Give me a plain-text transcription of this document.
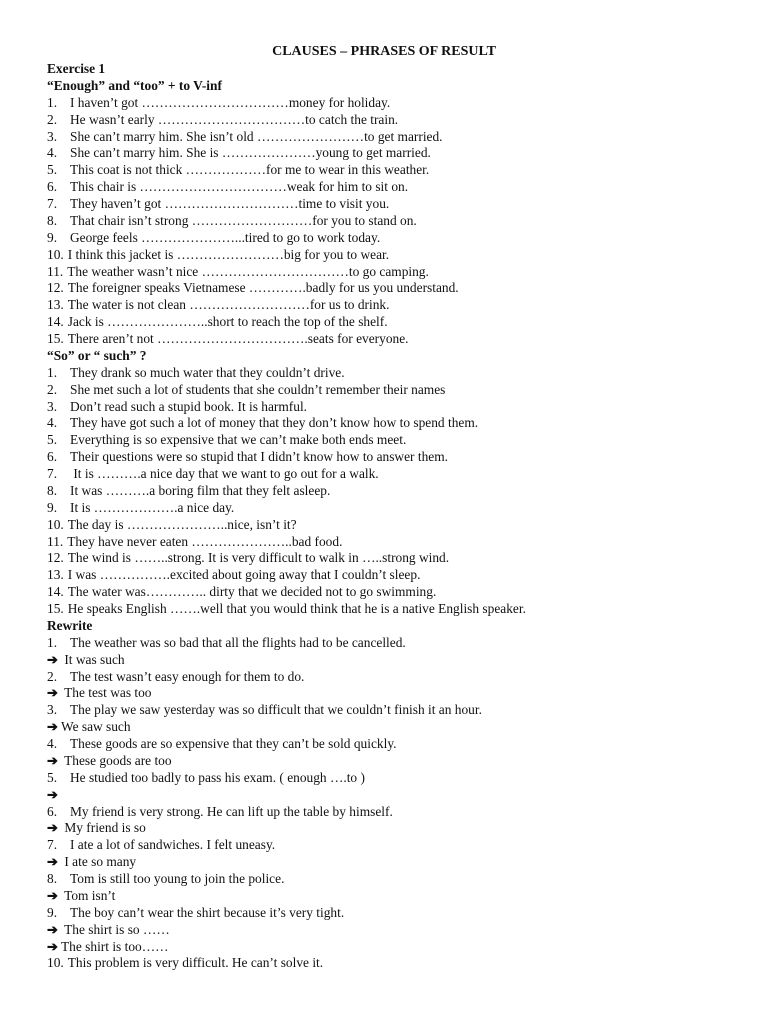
CLAUSES – PHRASES OF RESULT
Exercise 1
“Enough” and “too” + to V-inf
1. I haven’t got ……………………………money for holiday.
2. He wasn’t early ……………………………to catch the train.
3. She can’t marry him. She isn’t old ……………………to get married.
4. She can’t marry him. She is …………………young to get married.
5. This coat is not thick ………………for me to wear in this weather.
6. This chair is ……………………………weak for him to sit on.
7. They haven’t got …………………………time to visit you.
8. That chair isn’t strong ………………………for you to stand on.
9. George feels …………………...tired to go to work today.
10. I think this jacket is ……………………big for you to wear.
11. The weather wasn’t nice ……………………………to go camping.
12. The foreigner speaks Vietnamese ………….badly for us you understand.
13. The water is not clean ………………………for us to drink.
14. Jack is …………………..short to reach the top of the shelf.
15. There aren’t not …………………………….seats for everyone.
“So” or “ such” ?
1. They drank so much water that they couldn’t drive.
2. She met such a lot of students that she couldn’t remember their names
3. Don’t read such a stupid book. It is harmful.
4. They have got such a lot of money that they don’t know how to spend them.
5. Everything is so expensive that we can’t make both ends meet.
6. Their questions were so stupid that I didn’t know how to answer them.
7. It is ……….a nice day that we want to go out for a walk.
8. It was ……….a boring film that they felt asleep.
9. It is ……………….a nice day.
10. The day is …………………..nice, isn’t it?
11. They have never eaten …………………..bad food.
12. The wind is ……..strong. It is very difficult to walk in …..strong wind.
13. I was …………….excited about going away that I couldn’t sleep.
14. The water was………….. dirty that we decided not to go swimming.
15. He speaks English …….well that you would think that he is a native English speaker.
Rewrite
1. The weather was so bad that all the flights had to be cancelled.
➔ It was such
2. The test wasn’t easy enough for them to do.
➔ The test was too
3. The play we saw yesterday was so difficult that we couldn’t finish it an hour.
➔ We saw such
4. These goods are so expensive that they can’t be sold quickly.
➔ These goods are too
5. He studied too badly to pass his exam. ( enough ….to )
➔
6. My friend is very strong. He can lift up the table by himself.
➔ My friend is so
7. I ate a lot of sandwiches. I felt uneasy.
➔ I ate so many
8. Tom is still too young to join the police.
➔ Tom isn’t
9. The boy can’t wear the shirt because it’s very tight.
➔ The shirt is so ……
➔ The shirt is too……
10. This problem is very difficult. He can’t solve it.
